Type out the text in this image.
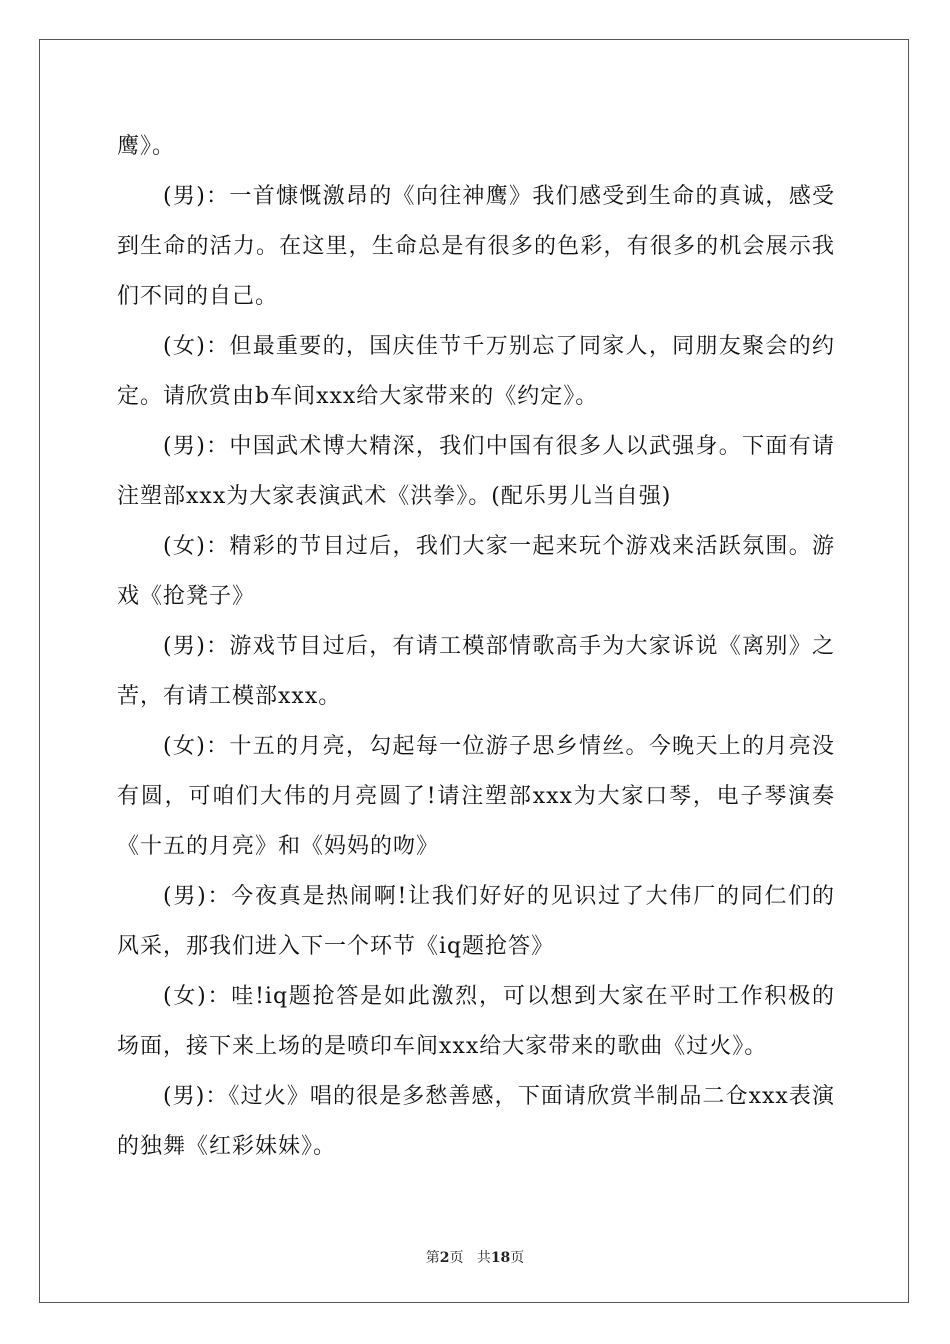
鹰》。

(男)：一首慷慨激昂的《向往神鹰》我们感受到生命的真诚，感受到生命的活力。在这里，生命总是有很多的色彩，有很多的机会展示我们不同的自己。

(女)：但最重要的，国庆佳节千万别忘了同家人，同朋友聚会的约定。请欣赏由b车间xxx给大家带来的《约定》。

(男)：中国武术博大精深，我们中国有很多人以武强身。下面有请注塑部xxx为大家表演武术《洪拳》。(配乐男儿当自强)

(女)：精彩的节目过后，我们大家一起来玩个游戏来活跃氛围。游戏《抢凳子》

(男)：游戏节目过后，有请工模部情歌高手为大家诉说《离别》之苦，有请工模部xxx。

(女)：十五的月亮，勾起每一位游子思乡情丝。今晚天上的月亮没有圆，可咱们大伟的月亮圆了!请注塑部xxx为大家口琴，电子琴演奏《十五的月亮》和《妈妈的吻》

(男)：今夜真是热闹啊!让我们好好的见识过了大伟厂的同仁们的风采，那我们进入下一个环节《iq题抢答》

(女)：哇!iq题抢答是如此激烈，可以想到大家在平时工作积极的场面，接下来上场的是喷印车间xxx给大家带来的歌曲《过火》。

(男)：《过火》唱的很是多愁善感，下面请欣赏半制品二仓xxx表演的独舞《红彩妹妹》。

第2页 共18页
